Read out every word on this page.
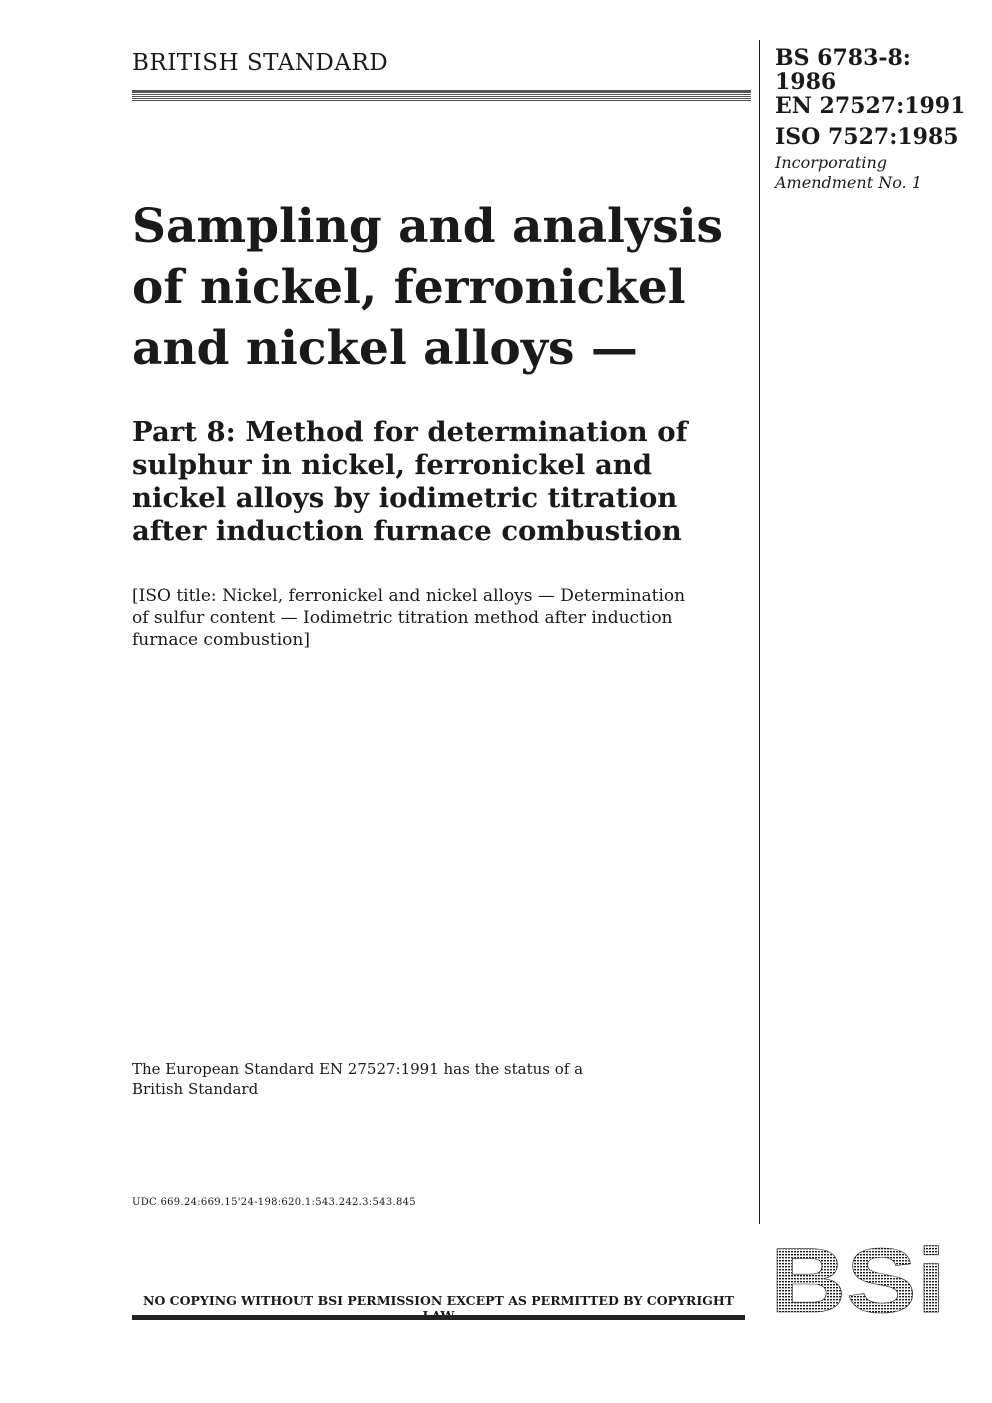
BRITISH STANDARD	BS 6783-8:
1986
EN 27527:1991
ISO 7527:1985
Incorporating
Amendment No. 1
Sampling and analysis
of nickel, ferronickel
and nickel alloys —
Part 8: Method for determination of
sulphur in nickel, ferronickel and
nickel alloys by iodimetric titration
after induction furnace combustion
[ISO title: Nickel, ferronickel and nickel alloys — Determination
of sulfur content — Iodimetric titration method after induction
furnace combustion]
The European Standard EN 27527:1991 has the status of a
British Standard
UDC 669.24:669.15'24-198:620.1:543.242.3:543.845
NO COPYING WITHOUT BSI PERMISSION EXCEPT AS PERMITTED BY COPYRIGHT BSi
